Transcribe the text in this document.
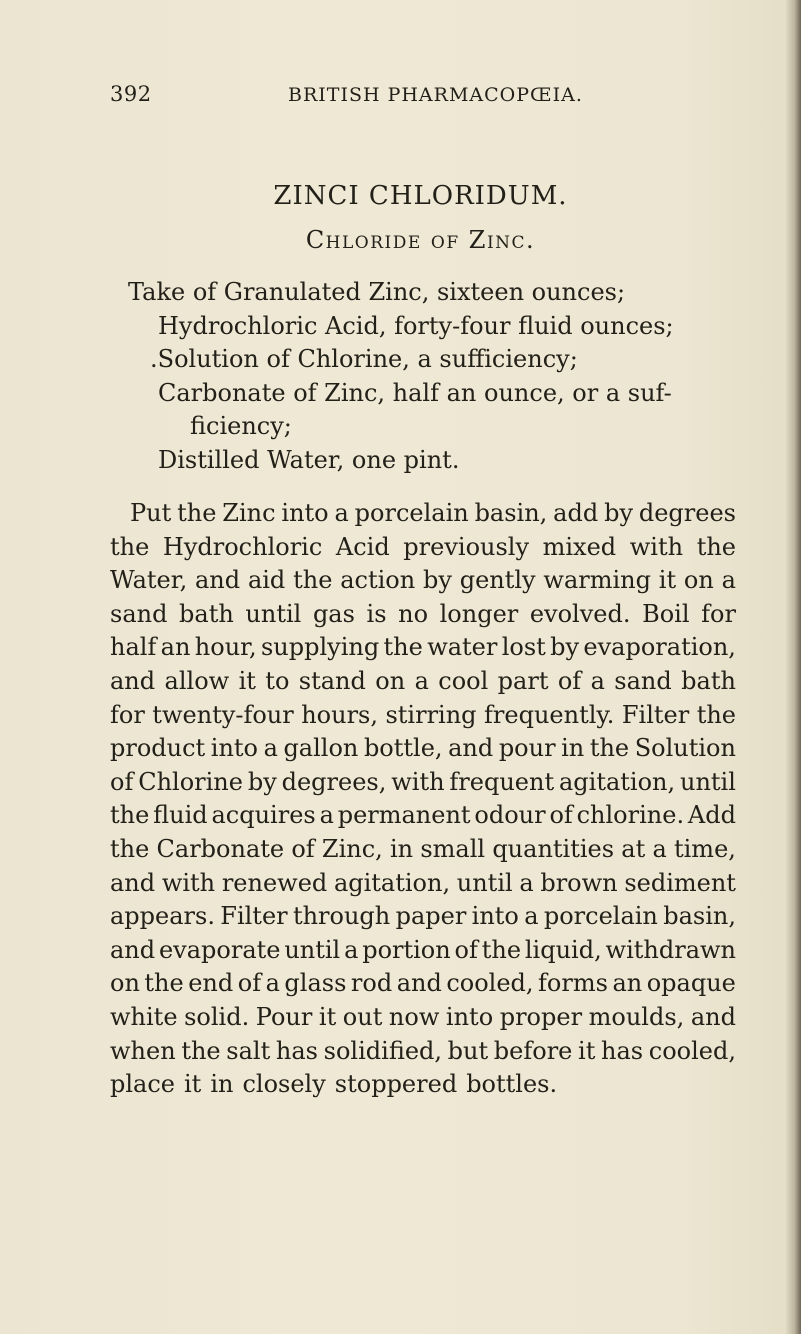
392	BRITISH PHARMACOPŒIA.
ZINCI CHLORIDUM.
Chloride of Zinc.
Take of Granulated Zinc, sixteen ounces;
Hydrochloric Acid, forty-four fluid ounces;
.Solution of Chlorine, a sufficiency;
Carbonate of Zinc, half an ounce, or a suf-
ficiency;
Distilled Water, one pint.
Put the Zinc into a porcelain basin, add by degrees
the Hydrochloric Acid previously mixed with the
Water, and aid the action by gently warming it on a
sand bath until gas is no longer evolved. Boil for
half an hour, supplying the water lost by evaporation,
and allow it to stand on a cool part of a sand bath
for twenty-four hours, stirring frequently. Filter the
product into a gallon bottle, and pour in the Solution
of Chlorine by degrees, with frequent agitation, until
the fluid acquires a permanent odour of chlorine. Add
the Carbonate of Zinc, in small quantities at a time,
and with renewed agitation, until a brown sediment
appears. Filter through paper into a porcelain basin,
and evaporate until a portion of the liquid, withdrawn
on the end of a glass rod and cooled, forms an opaque
white solid. Pour it out now into proper moulds, and
when the salt has solidified, but before it has cooled,
place it in closely stoppered bottles.
